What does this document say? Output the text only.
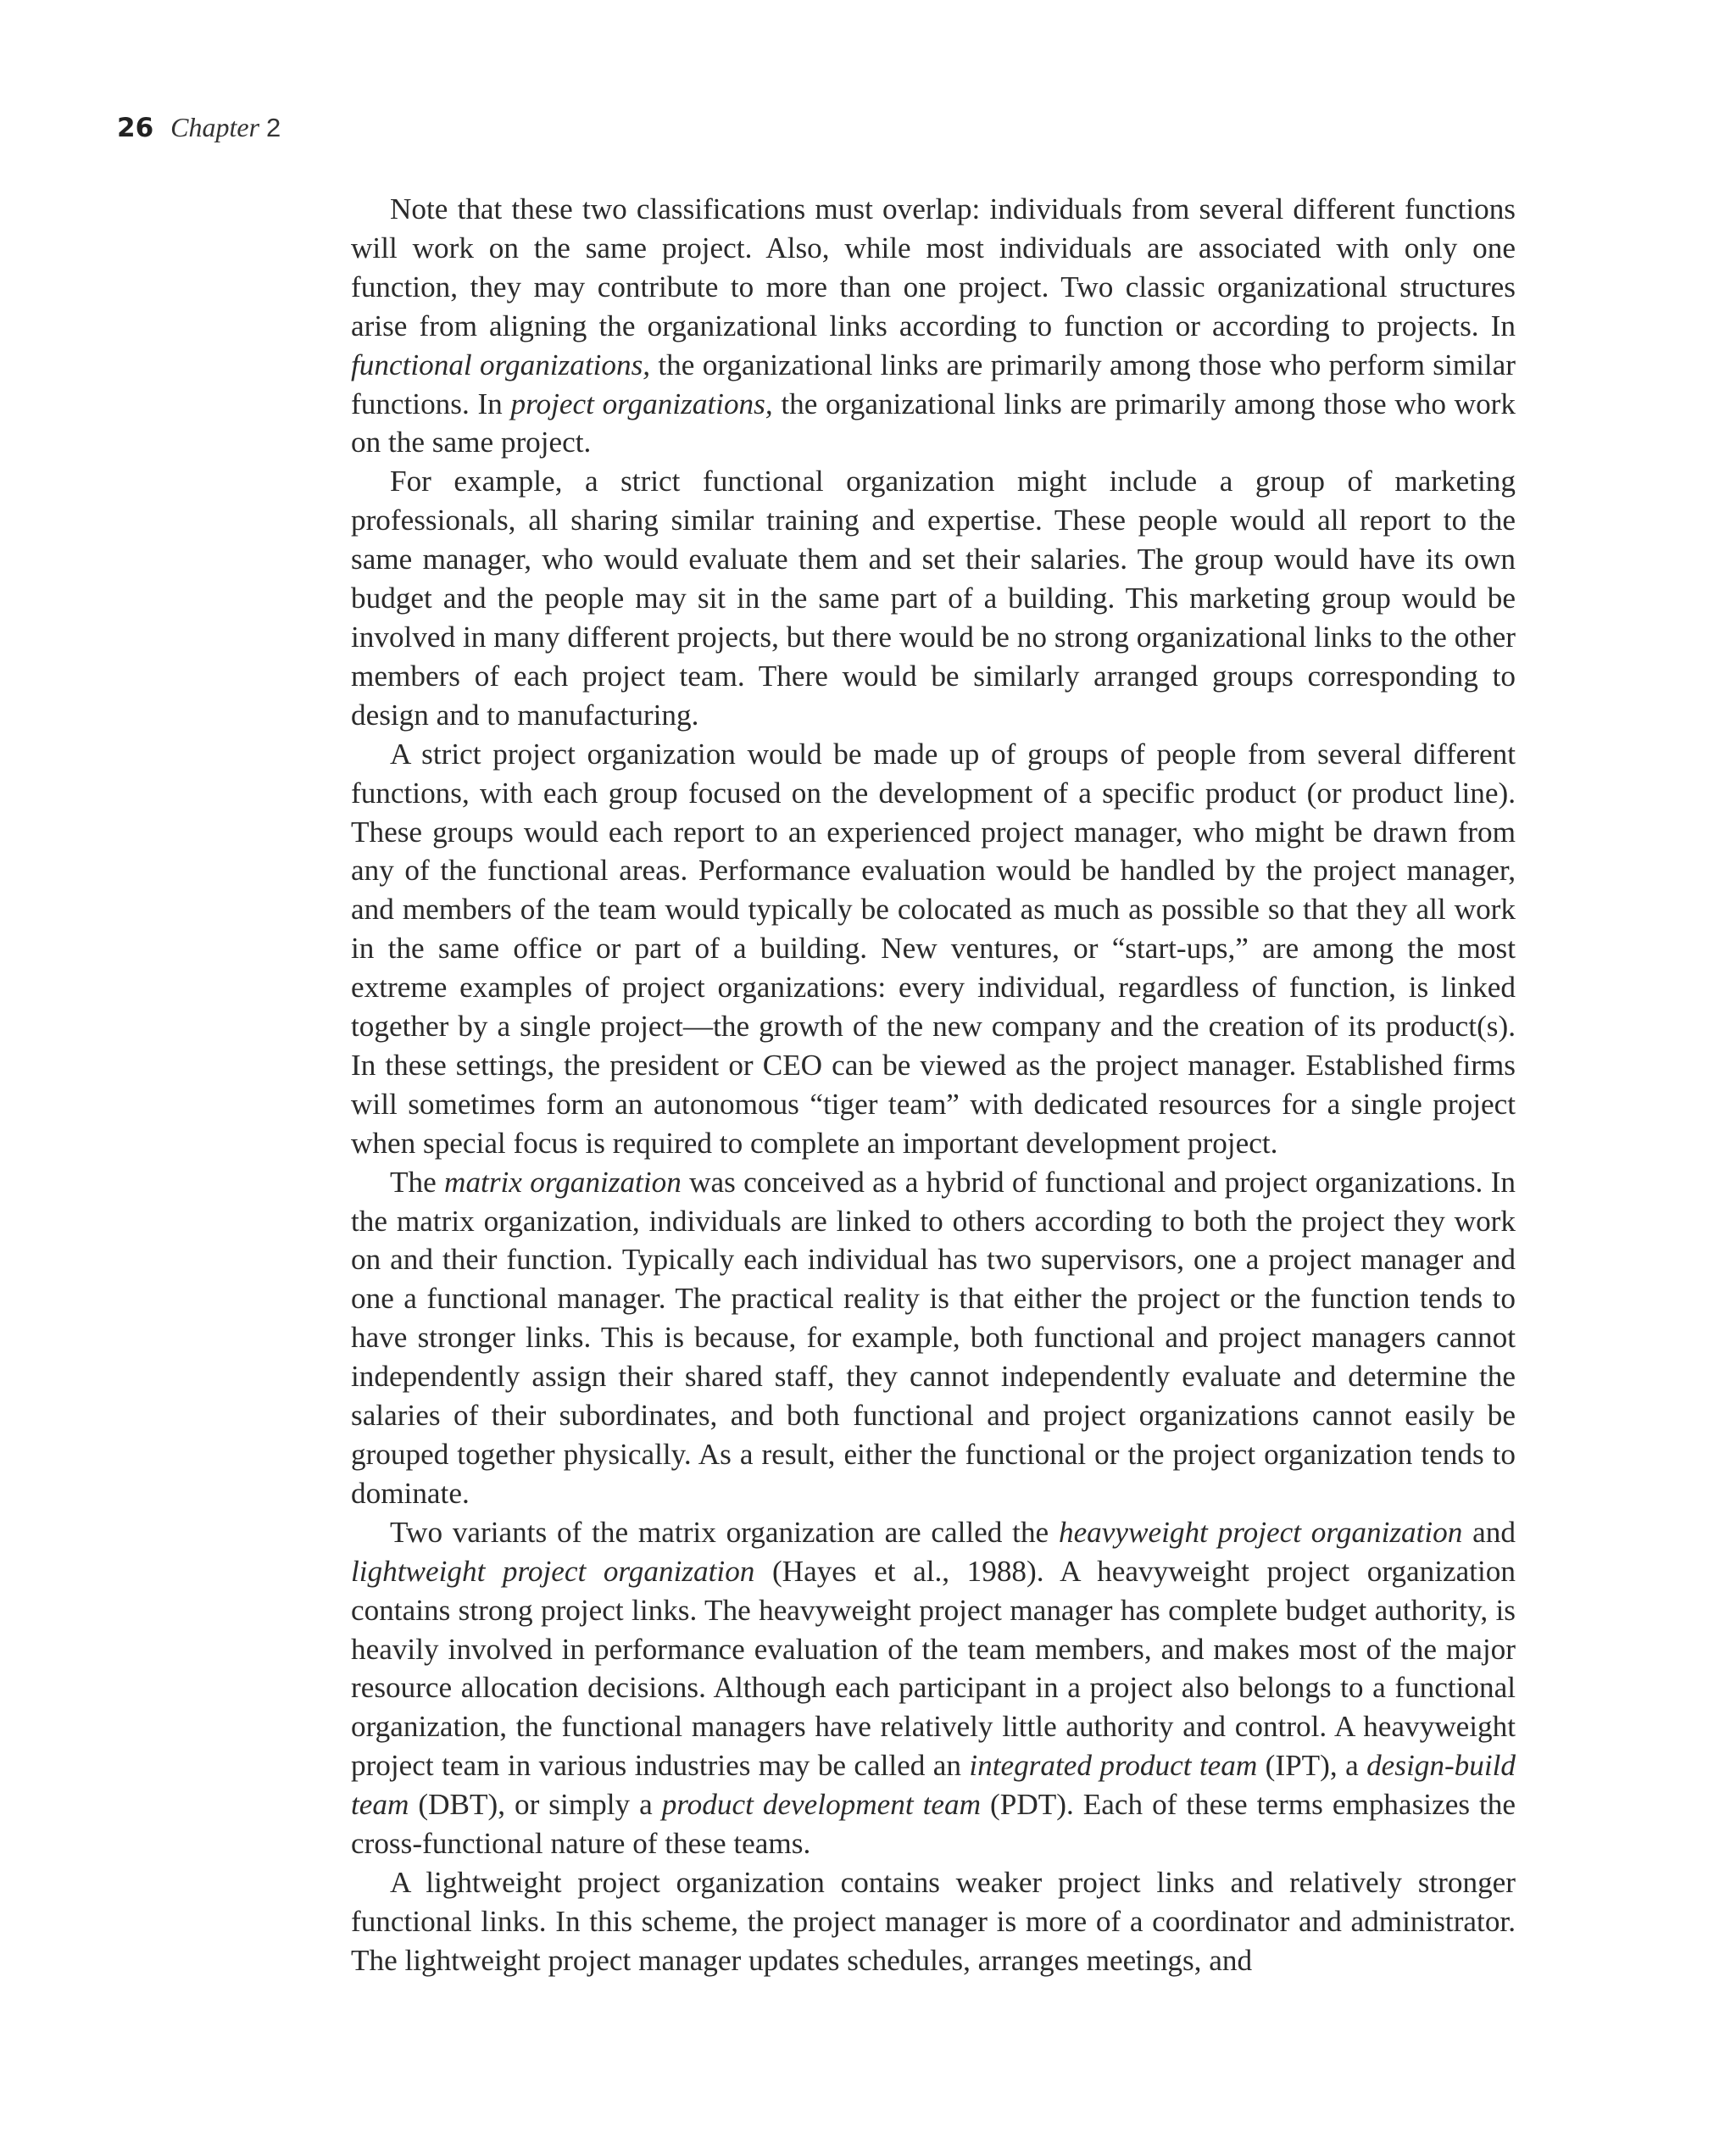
26 Chapter 2

Note that these two classifications must overlap: individuals from several different functions will work on the same project. Also, while most individuals are associated with only one function, they may contribute to more than one project. Two classic organizational structures arise from aligning the organizational links according to function or according to projects. In functional organizations, the organizational links are primarily among those who perform similar functions. In project organizations, the organizational links are primarily among those who work on the same project.

For example, a strict functional organization might include a group of marketing professionals, all sharing similar training and expertise. These people would all report to the same manager, who would evaluate them and set their salaries. The group would have its own budget and the people may sit in the same part of a building. This marketing group would be involved in many different projects, but there would be no strong organizational links to the other members of each project team. There would be similarly arranged groups corresponding to design and to manufacturing.

A strict project organization would be made up of groups of people from several different functions, with each group focused on the development of a specific product (or product line). These groups would each report to an experienced project manager, who might be drawn from any of the functional areas. Performance evaluation would be handled by the project manager, and members of the team would typically be colocated as much as possible so that they all work in the same office or part of a building. New ventures, or “start-ups,” are among the most extreme examples of project organizations: every individual, regardless of function, is linked together by a single project—the growth of the new company and the creation of its product(s). In these settings, the president or CEO can be viewed as the project manager. Established firms will sometimes form an autonomous “tiger team” with dedicated resources for a single project when special focus is required to complete an important development project.

The matrix organization was conceived as a hybrid of functional and project organizations. In the matrix organization, individuals are linked to others according to both the project they work on and their function. Typically each individual has two supervisors, one a project manager and one a functional manager. The practical reality is that either the project or the function tends to have stronger links. This is because, for example, both functional and project managers cannot independently assign their shared staff, they cannot independently evaluate and determine the salaries of their subordinates, and both functional and project organizations cannot easily be grouped together physically. As a result, either the functional or the project organization tends to dominate.

Two variants of the matrix organization are called the heavyweight project organization and lightweight project organization (Hayes et al., 1988). A heavyweight project organization contains strong project links. The heavyweight project manager has complete budget authority, is heavily involved in performance evaluation of the team members, and makes most of the major resource allocation decisions. Although each participant in a project also belongs to a functional organization, the functional managers have relatively little authority and control. A heavyweight project team in various industries may be called an integrated product team (IPT), a design-build team (DBT), or simply a product development team (PDT). Each of these terms emphasizes the cross-functional nature of these teams.

A lightweight project organization contains weaker project links and relatively stronger functional links. In this scheme, the project manager is more of a coordinator and administrator. The lightweight project manager updates schedules, arranges meetings, and
